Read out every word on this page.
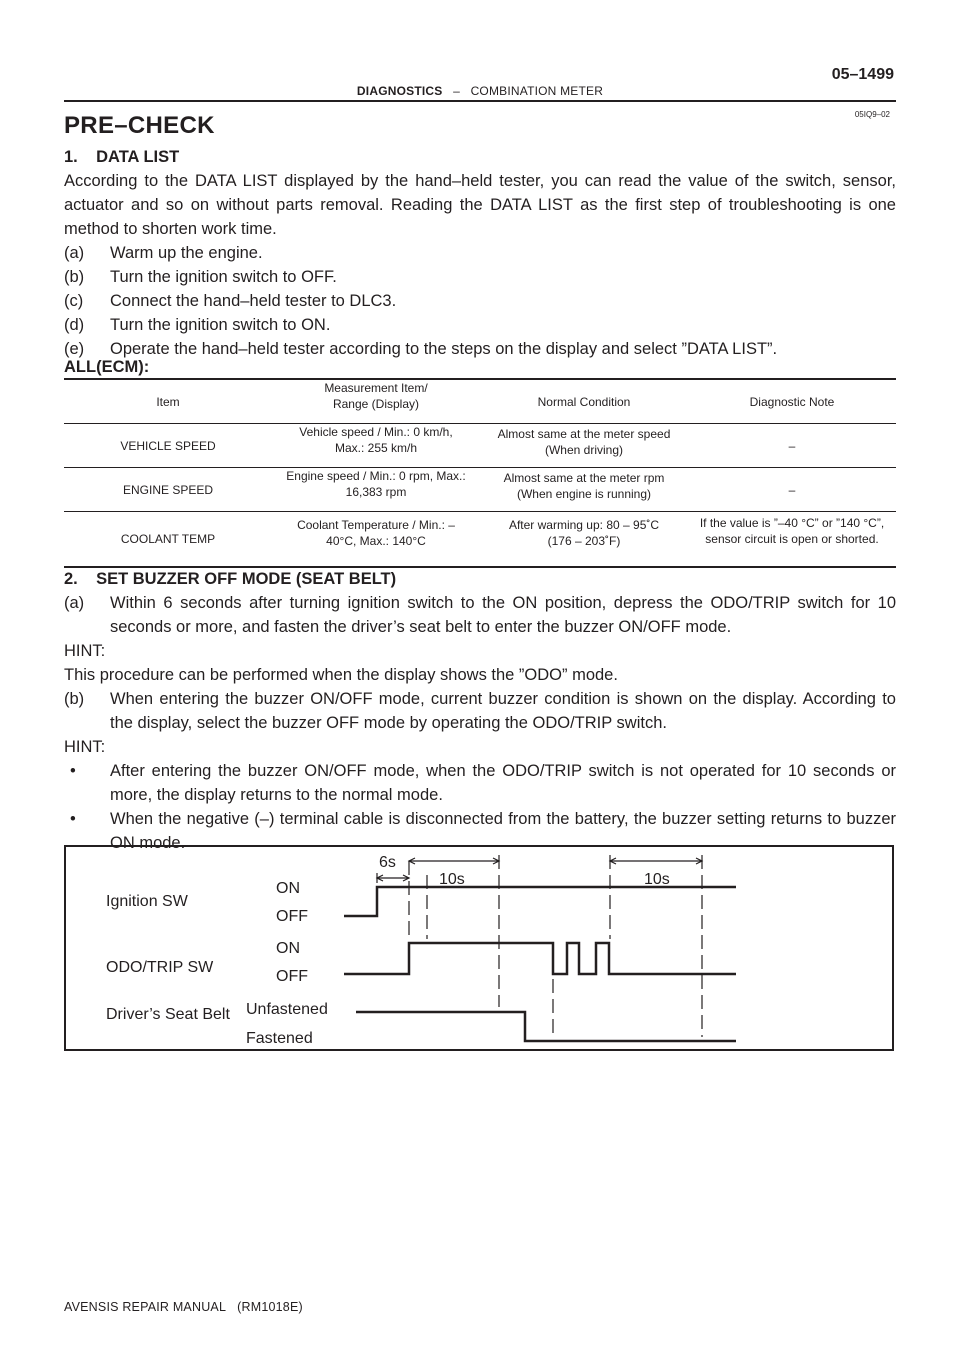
05–1499
DIAGNOSTICS – COMBINATION METER
05IQ9–02
PRE–CHECK
1.    DATA LIST
According to the DATA LIST displayed by the hand–held tester, you can read the value of the switch, sensor, actuator and so on without parts removal. Reading the DATA LIST as the first step of troubleshooting is one method to shorten work time.
(a) Warm up the engine.
(b) Turn the ignition switch to OFF.
(c) Connect the hand–held tester to DLC3.
(d) Turn the ignition switch to ON.
(e) Operate the hand–held tester according to the steps on the display and select ”DATA LIST”.
ALL(ECM):
Item	Measurement Item/ Range (Display)	Normal Condition	Diagnostic Note
VEHICLE SPEED	Vehicle speed / Min.: 0 km/h, Max.: 255 km/h	Almost same at the meter speed (When driving)	–
ENGINE SPEED	Engine speed / Min.: 0 rpm, Max.: 16,383 rpm	Almost same at the meter rpm (When engine is running)	–
COOLANT TEMP	Coolant Temperature / Min.: –40°C, Max.: 140°C	After warming up: 80 – 95˚C (176 – 203˚F)	If the value is ”–40 °C” or ”140 °C”, sensor circuit is open or shorted.
2.    SET BUZZER OFF MODE (SEAT BELT)
(a) Within 6 seconds after turning ignition switch to the ON position, depress the ODO/TRIP switch for 10 seconds or more, and fasten the driver’s seat belt to enter the buzzer ON/OFF mode.
HINT:
This procedure can be performed when the display shows the ”ODO” mode.
(b) When entering the buzzer ON/OFF mode, current buzzer condition is shown on the display. According to the display, select the buzzer OFF mode by operating the ODO/TRIP switch.
HINT:
• After entering the buzzer ON/OFF mode, when the ODO/TRIP switch is not operated for 10 seconds or more, the display returns to the normal mode.
• When the negative (–) terminal cable is disconnected from the battery, the buzzer setting returns to buzzer ON mode.
Ignition SW
ON
OFF
ODO/TRIP SW
ON
OFF
Driver’s Seat Belt Unfastened
Fastened
6s
10s	10s
AVENSIS REPAIR MANUAL   (RM1018E)
